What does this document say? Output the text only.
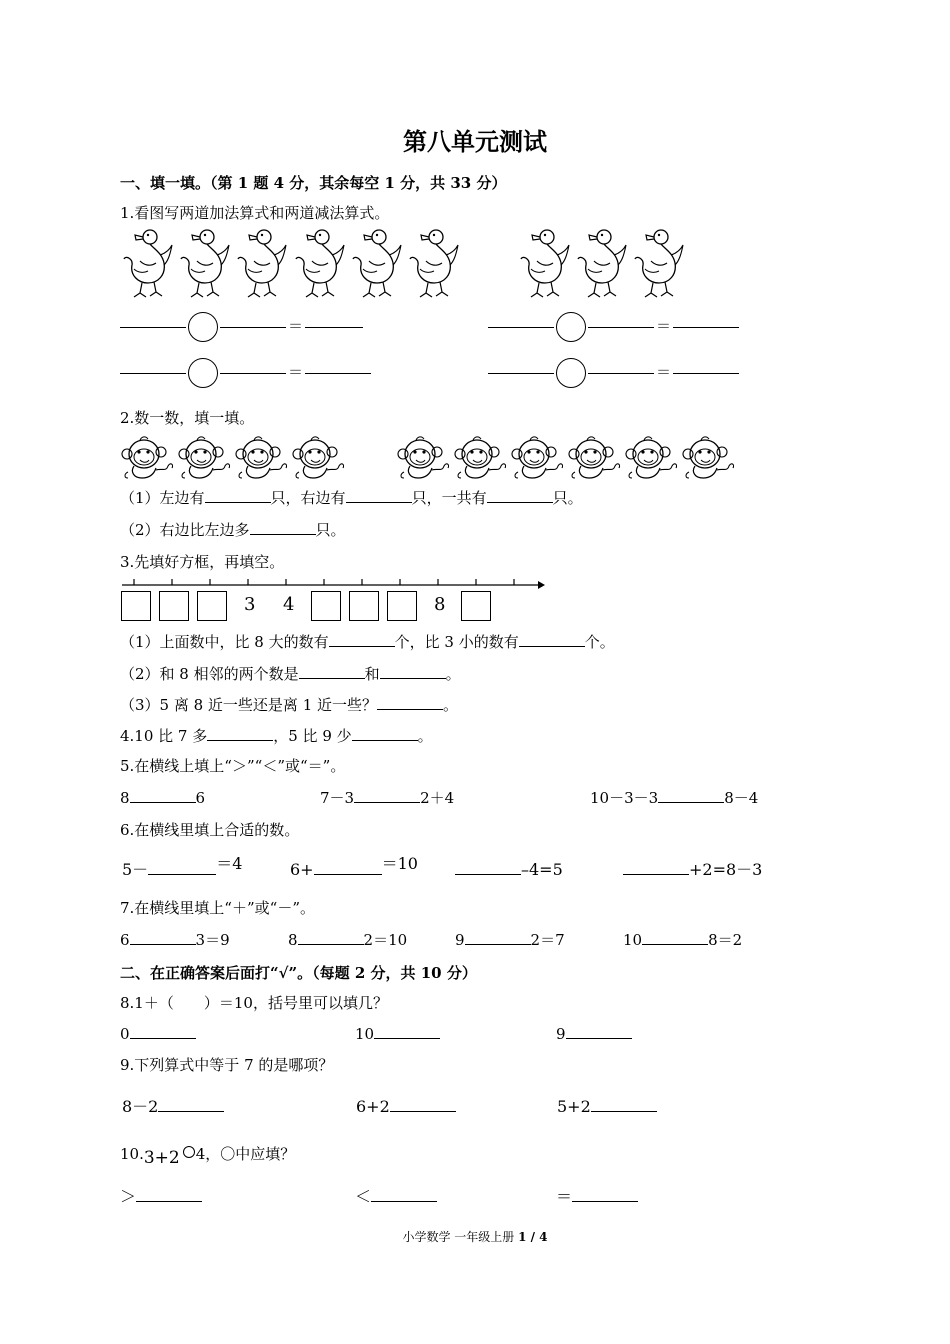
第八单元测试
一、填一填。（第 1 题 4 分，其余每空 1 分，共 33 分）
1.看图写两道加法算式和两道减法算式。
＝	＝
＝	＝
2.数一数，填一填。
（1）左边有	只，右边有	只，一共有	只。
（2）右边比左边多	只。
3.先填好方框，再填空。
3 4	8
（1）上面数中，比 8 大的数有	个，比 3 小的数有	个。
（2）和 8 相邻的两个数是	和	。
（3）5 离 8 近一些还是离 1 近一些？	。
4.10 比 7 多	，5 比 9 少	。
5.在横线上填上“＞”“＜”或“＝”。
8	6	7－3	2＋4	10－3－3	8－4
6.在横线里填上合适的数。
5－	＝4	6+	＝10	–4=5	+2=8－3
7.在横线里填上“＋”或“－”。
6	3＝9	8	2＝10	9	2＝7	10	8＝2
二、在正确答案后面打“√”。（每题 2 分，共 10 分）
8.1＋（　　）＝10，括号里可以填几？
0	10	9
9.下列算式中等于 7 的是哪项？
8－2	6+2	5+2
10.3+2 4，〇中应填？
＞	＜	＝
小学数学 一年级上册 1 / 4
